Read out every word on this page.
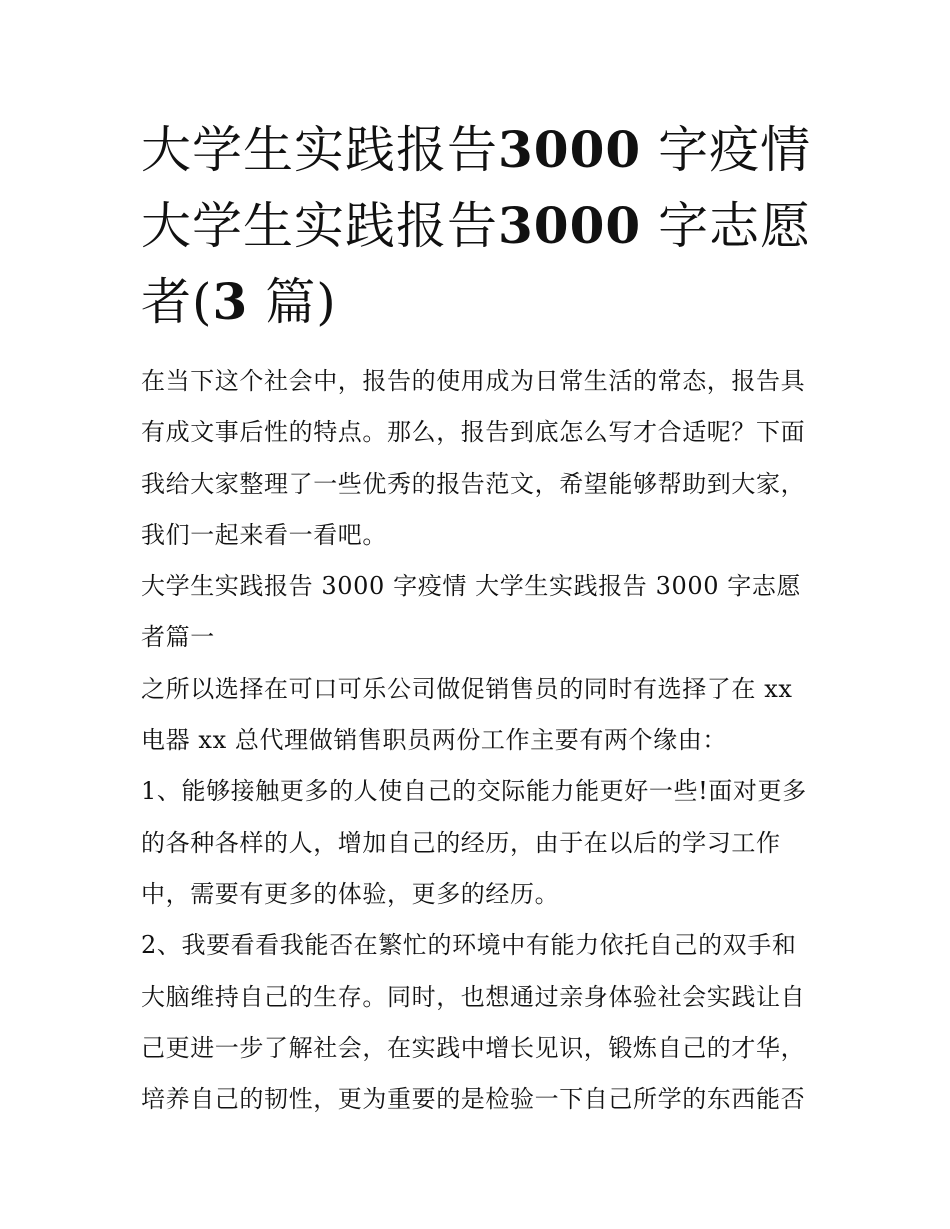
大学生实践报告3000 字疫情大学生实践报告3000 字志愿者(3 篇)

在当下这个社会中，报告的使用成为日常生活的常态，报告具有成文事后性的特点。那么，报告到底怎么写才合适呢？下面我给大家整理了一些优秀的报告范文，希望能够帮助到大家，我们一起来看一看吧。

大学生实践报告 3000 字疫情 大学生实践报告 3000 字志愿者篇一

之所以选择在可口可乐公司做促销售员的同时有选择了在 xx 电器 xx 总代理做销售职员两份工作主要有两个缘由：

1、能够接触更多的人使自己的交际能力能更好一些!面对更多的各种各样的人，增加自己的经历，由于在以后的学习工作中，需要有更多的体验，更多的经历。

2、我要看看我能否在繁忙的环境中有能力依托自己的双手和大脑维持自己的生存。同时，也想通过亲身体验社会实践让自己更进一步了解社会，在实践中增长见识，锻炼自己的才华，培养自己的韧性，更为重要的是检验一下自己所学的东西能否
